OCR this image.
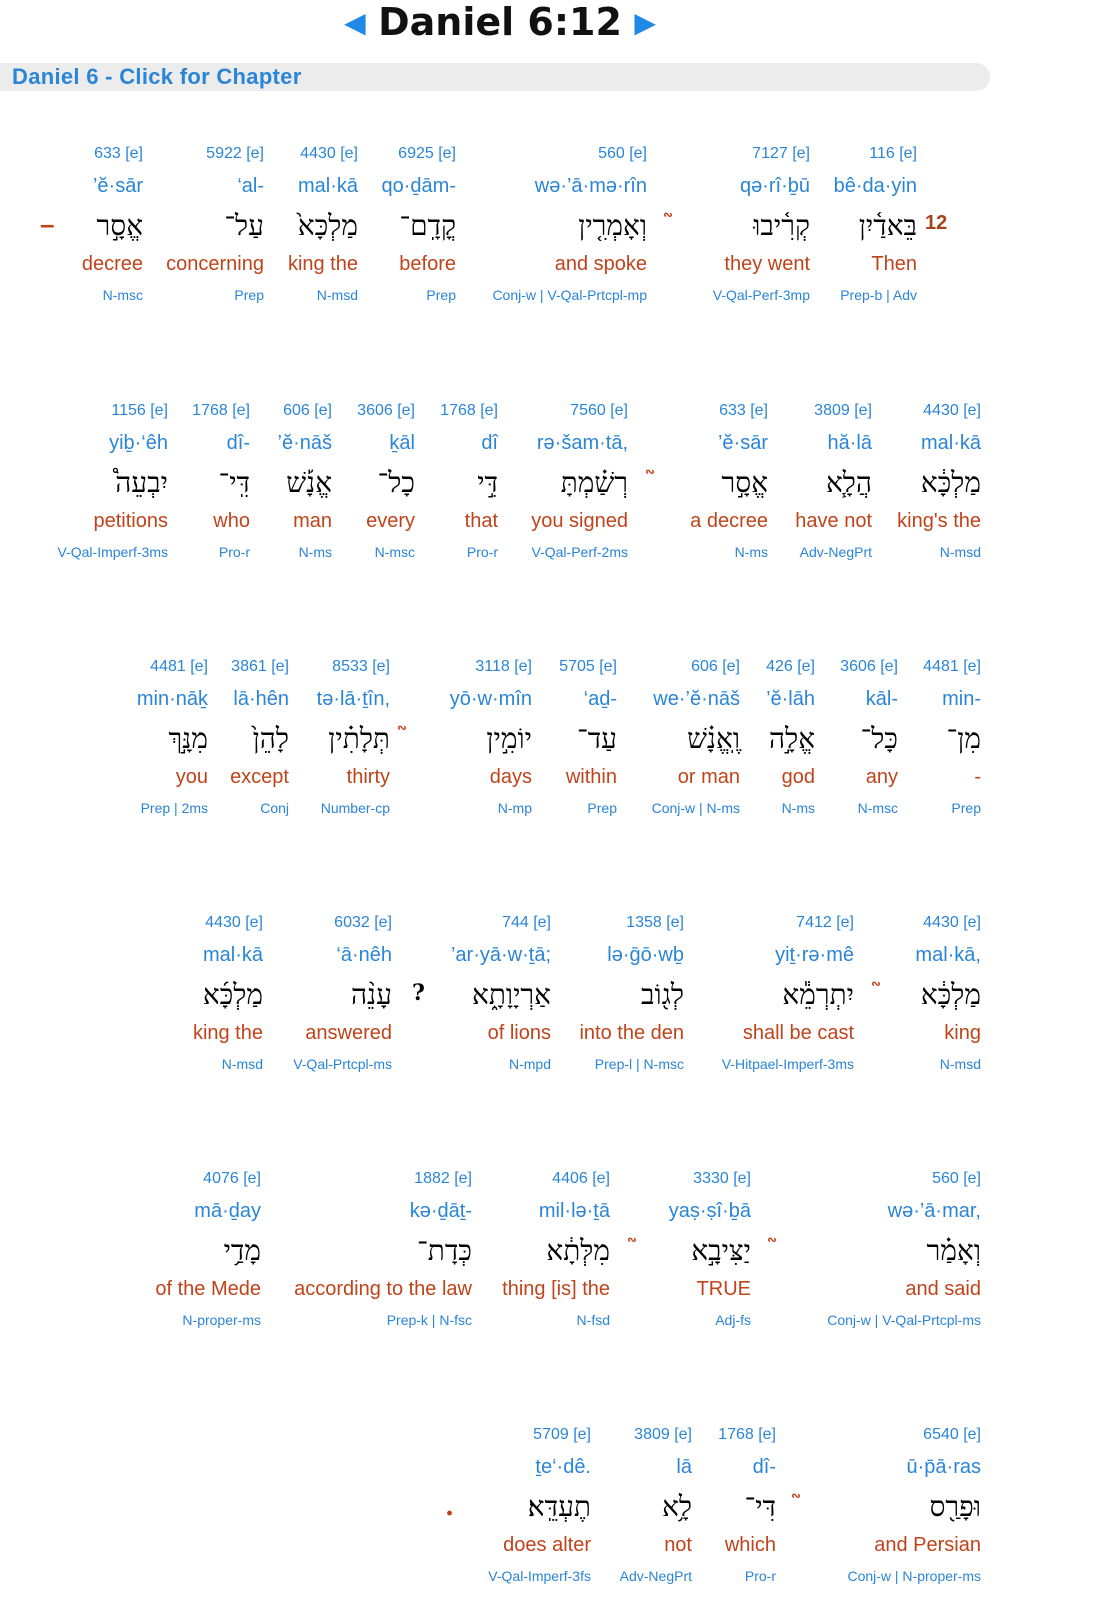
◀ Daniel 6:12 ▶
Daniel 6 - Click for Chapter
12
116 [e]
bê·da·yin
בֵּאדַ֫יִן
Then
Prep-b | Adv
7127 [e]
qə·rî·ḇū
קְרִ֫יבוּ
they went
V-Qal-Perf-3mp
560 [e]
wə·’ā·mə·rîn
וְאָמְרִ֤ין
and spoke
Conj-w | V-Qal-Prtcpl-mp
6925 [e]
qo·ḏām-
קֳדָֽם־
before
Prep
4430 [e]
mal·kā
מַלְכָּא֙
king the
N-msd
5922 [e]
‘al-
עַל־
concerning
Prep
633 [e]
’ĕ·sār
אֱסָ֣ר
decree
N-msc
–
4430 [e]
mal·kā
מַלְכָּ֔א
king's the
N-msd
3809 [e]
hă·lā
הֲלָ֧א
have not
Adv-NegPrt
633 [e]
’ĕ·sār
אֱסָ֣ר
a decree
N-ms
7560 [e]
rə·šam·tā,
רְשַׁ֗מְתָּ
you signed
V-Qal-Perf-2ms
1768 [e]
dî
דִּ֣י
that
Pro-r
3606 [e]
ḵāl
כָל־
every
N-msc
606 [e]
’ĕ·nāš
אֱנָ֡שׁ
man
N-ms
1768 [e]
dî-
דִּֽי־
who
Pro-r
1156 [e]
yiḇ·‘êh
יִבְעֵה֩
petitions
V-Qal-Imperf-3ms
4481 [e]
min-
מִן־
-
Prep
3606 [e]
kāl-
כָּל־
any
N-msc
426 [e]
’ĕ·lāh
אֱלָ֣ה
god
N-ms
606 [e]
we·’ĕ·nāš
וֶֽאֱנָ֗שׁ
or man
Conj-w | N-ms
5705 [e]
‘aḏ-
עַד־
within
Prep
3118 [e]
yō·w·mîn
יוֹמִ֣ין
days
N-mp
8533 [e]
tə·lā·ṯîn,
תְּלָתִ֗ין
thirty
Number-cp
3861 [e]
lā·hên
לָהֵן֙
except
Conj
4481 [e]
min·nāḵ
מִנָּ֣ךְ
you
Prep | 2ms
4430 [e]
mal·kā,
מַלְכָּ֔א
king
N-msd
7412 [e]
yiṯ·rə·mê
יִתְרְמֵ֕א
shall be cast
V-Hitpael-Imperf-3ms
1358 [e]
lə·ḡō·wḇ
לְג֖וֹב
into the den
Prep-l | N-msc
744 [e]
’ar·yā·w·ṯā;
אַרְיָוָתָ֑א
of lions
N-mpd
?
6032 [e]
‘ā·nêh
עָנֵ֨ה
answered
V-Qal-Prtcpl-ms
4430 [e]
mal·kā
מַלְכָּ֜א
king the
N-msd
560 [e]
wə·’ā·mar,
וְאָמַ֗ר
and said
Conj-w | V-Qal-Prtcpl-ms
3330 [e]
yaṣ·ṣî·ḇā
יַצִּיבָ֣א
TRUE
Adj-fs
4406 [e]
mil·lə·ṯā
מִלְּתָ֔א
thing [is] the
N-fsd
1882 [e]
kə·ḏāṯ-
כְּדָת־
according to the law
Prep-k | N-fsc
4076 [e]
mā·ḏay
מָדַ֥י
of the Mede
N-proper-ms
6540 [e]
ū·p̄ā·ras
וּפָרַ֖ס
and Persian
Conj-w | N-proper-ms
1768 [e]
dî-
דִּי־
which
Pro-r
3809 [e]
lā
לָ֥א
not
Adv-NegPrt
5709 [e]
ṯe‘·dê.
תֶעְדֵּֽא׃
does alter
V-Qal-Imperf-3fs
.
